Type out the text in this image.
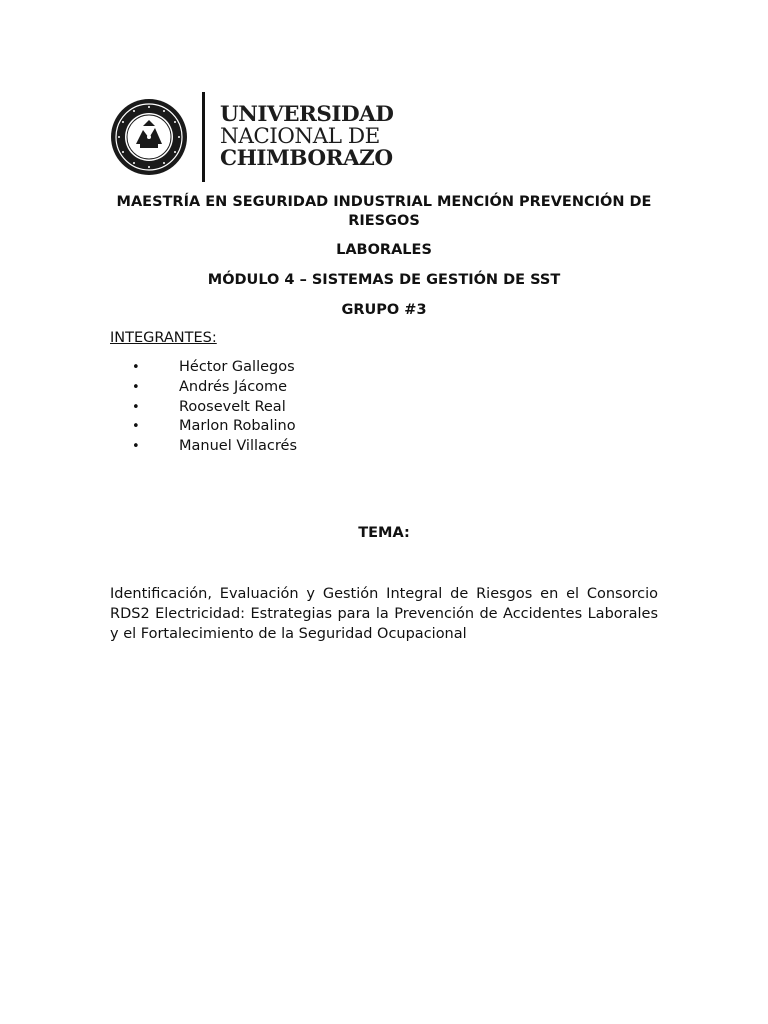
UNIVERSIDAD
NACIONAL DE
CHIMBORAZO

MAESTRÍA EN SEGURIDAD INDUSTRIAL MENCIÓN PREVENCIÓN DE RIESGOS

LABORALES

MÓDULO 4 – SISTEMAS DE GESTIÓN DE SST

GRUPO #3

INTEGRANTES:

•	Héctor Gallegos
•	Andrés Jácome
•	Roosevelt Real
•	Marlon Robalino
•	Manuel Villacrés

TEMA:

Identificación, Evaluación y Gestión Integral de Riesgos en el Consorcio RDS2 Electricidad: Estrategias para la Prevención de Accidentes Laborales y el Fortalecimiento de la Seguridad Ocupacional
